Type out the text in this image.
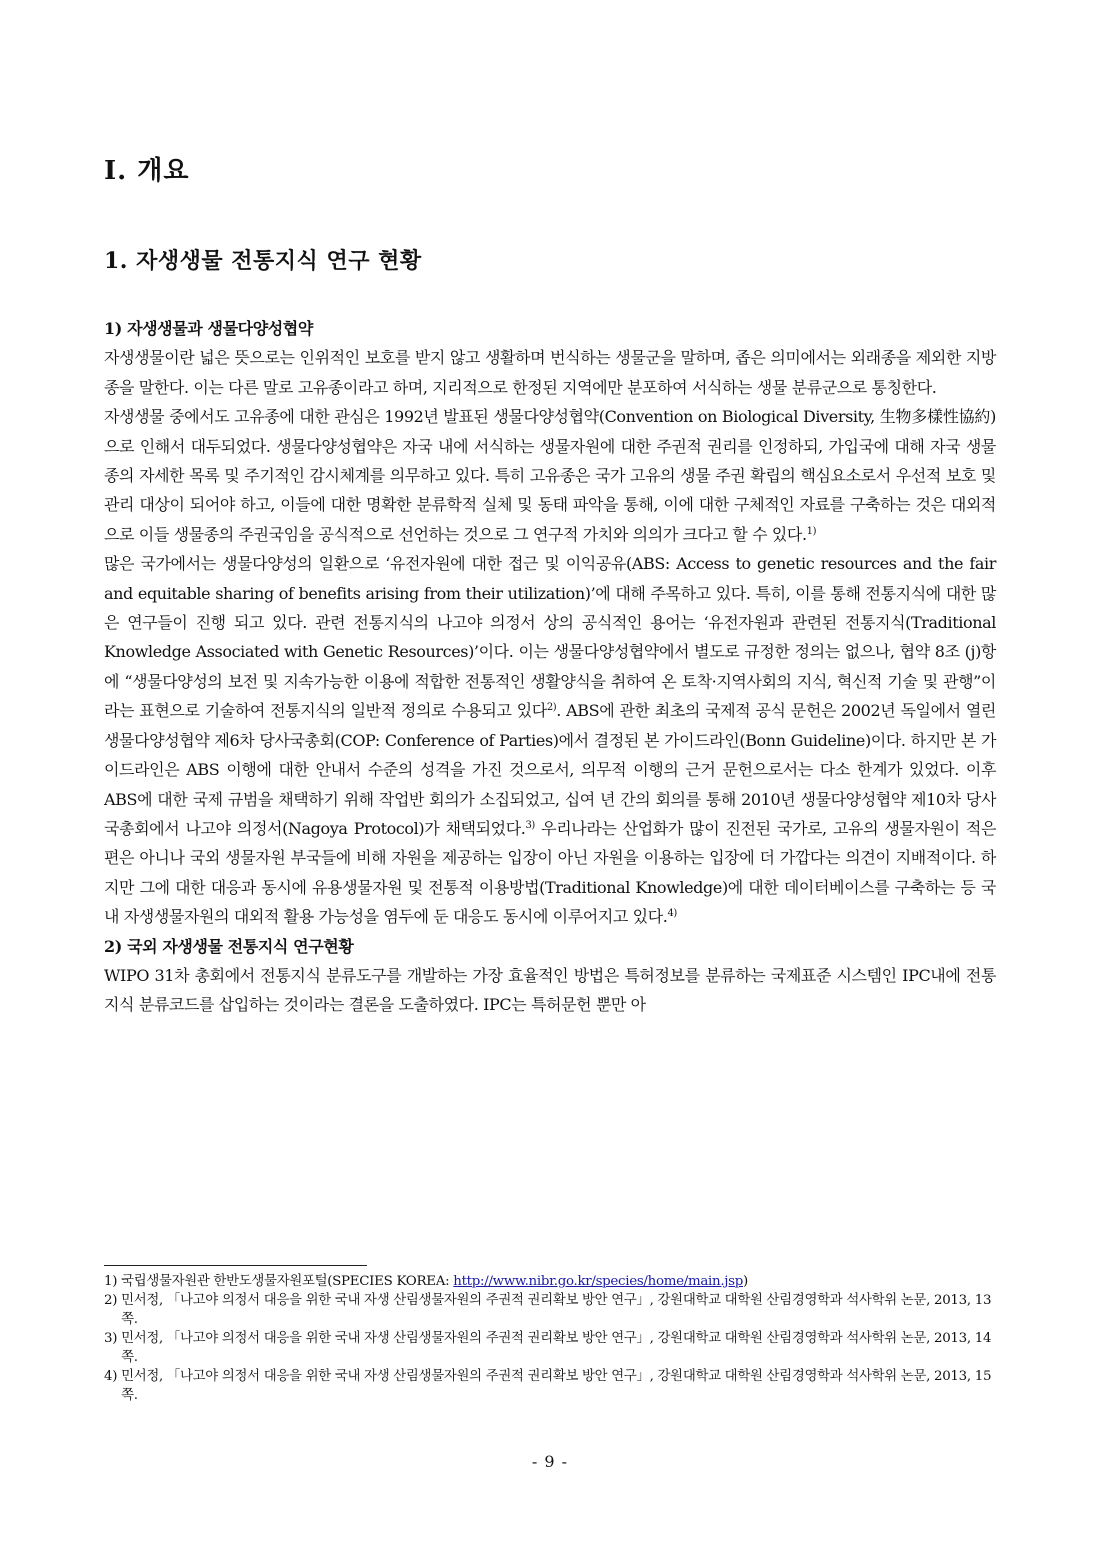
I. 개요
1. 자생생물 전통지식 연구 현황
1) 자생생물과 생물다양성협약

자생생물이란 넓은 뜻으로는 인위적인 보호를 받지 않고 생활하며 번식하는 생물군을 말하며, 좁은 의미에서는 외래종을 제외한 지방종을 말한다. 이는 다른 말로 고유종이라고 하며, 지리적으로 한정된 지역에만 분포하여 서식하는 생물 분류군으로 통칭한다.

자생생물 중에서도 고유종에 대한 관심은 1992년 발표된 생물다양성협약(Convention on Biological Diversity, 生物多樣性協約)으로 인해서 대두되었다. 생물다양성협약은 자국 내에 서식하는 생물자원에 대한 주권적 권리를 인정하되, 가입국에 대해 자국 생물종의 자세한 목록 및 주기적인 감시체계를 의무하고 있다. 특히 고유종은 국가 고유의 생물 주권 확립의 핵심요소로서 우선적 보호 및 관리 대상이 되어야 하고, 이들에 대한 명확한 분류학적 실체 및 동태 파악을 통해, 이에 대한 구체적인 자료를 구축하는 것은 대외적으로 이들 생물종의 주권국임을 공식적으로 선언하는 것으로 그 연구적 가치와 의의가 크다고 할 수 있다.$^{1)}$

많은 국가에서는 생물다양성의 일환으로 ‘유전자원에 대한 접근 및 이익공유(ABS: Access to genetic resources and the fair and equitable sharing of benefits arising from their utilization)’에 대해 주목하고 있다. 특히, 이를 통해 전통지식에 대한 많은 연구들이 진행 되고 있다. 관련 전통지식의 나고야 의정서 상의 공식적인 용어는 ‘유전자원과 관련된 전통지식(Traditional Knowledge Associated with Genetic Resources)’이다. 이는 생물다양성협약에서 별도로 규정한 정의는 없으나, 협약 8조 (j)항에 “생물다양성의 보전 및 지속가능한 이용에 적합한 전통적인 생활양식을 취하여 온 토착·지역사회의 지식, 혁신적 기술 및 관행”이라는 표현으로 기술하여 전통지식의 일반적 정의로 수용되고 있다$^{2)}$. ABS에 관한 최초의 국제적 공식 문헌은 2002년 독일에서 열린 생물다양성협약 제6차 당사국총회(COP: Conference of Parties)에서 결정된 본 가이드라인(Bonn Guideline)이다. 하지만 본 가이드라인은 ABS 이행에 대한 안내서 수준의 성격을 가진 것으로서, 의무적 이행의 근거 문헌으로서는 다소 한계가 있었다. 이후 ABS에 대한 국제 규범을 채택하기 위해 작업반 회의가 소집되었고, 십여 년 간의 회의를 통해 2010년 생물다양성협약 제10차 당사국총회에서 나고야 의정서(Nagoya Protocol)가 채택되었다.$^{3)}$ 우리나라는 산업화가 많이 진전된 국가로, 고유의 생물자원이 적은 편은 아니나 국외 생물자원 부국들에 비해 자원을 제공하는 입장이 아닌 자원을 이용하는 입장에 더 가깝다는 의견이 지배적이다. 하지만 그에 대한 대응과 동시에 유용생물자원 및 전통적 이용방법(Traditional Knowledge)에 대한 데이터베이스를 구축하는 등 국내 자생생물자원의 대외적 활용 가능성을 염두에 둔 대응도 동시에 이루어지고 있다.$^{4)}$

2) 국외 자생생물 전통지식 연구현황

WIPO 31차 총회에서 전통지식 분류도구를 개발하는 가장 효율적인 방법은 특허정보를 분류하는 국제표준 시스템인 IPC내에 전통지식 분류코드를 삽입하는 것이라는 결론을 도출하였다. IPC는 특허문헌 뿐만 아

1) 국립생물자원관 한반도생물자원포털(SPECIES KOREA: http://www.nibr.go.kr/species/home/main.jsp)
2) 민서정, 「나고야 의정서 대응을 위한 국내 자생 산림생물자원의 주권적 권리확보 방안 연구」, 강원대학교 대학원 산림경영학과 석사학위 논문, 2013, 13쪽.
3) 민서정, 「나고야 의정서 대응을 위한 국내 자생 산림생물자원의 주권적 권리확보 방안 연구」, 강원대학교 대학원 산림경영학과 석사학위 논문, 2013, 14쪽.
4) 민서정, 「나고야 의정서 대응을 위한 국내 자생 산림생물자원의 주권적 권리확보 방안 연구」, 강원대학교 대학원 산림경영학과 석사학위 논문, 2013, 15쪽.
- 9 -
